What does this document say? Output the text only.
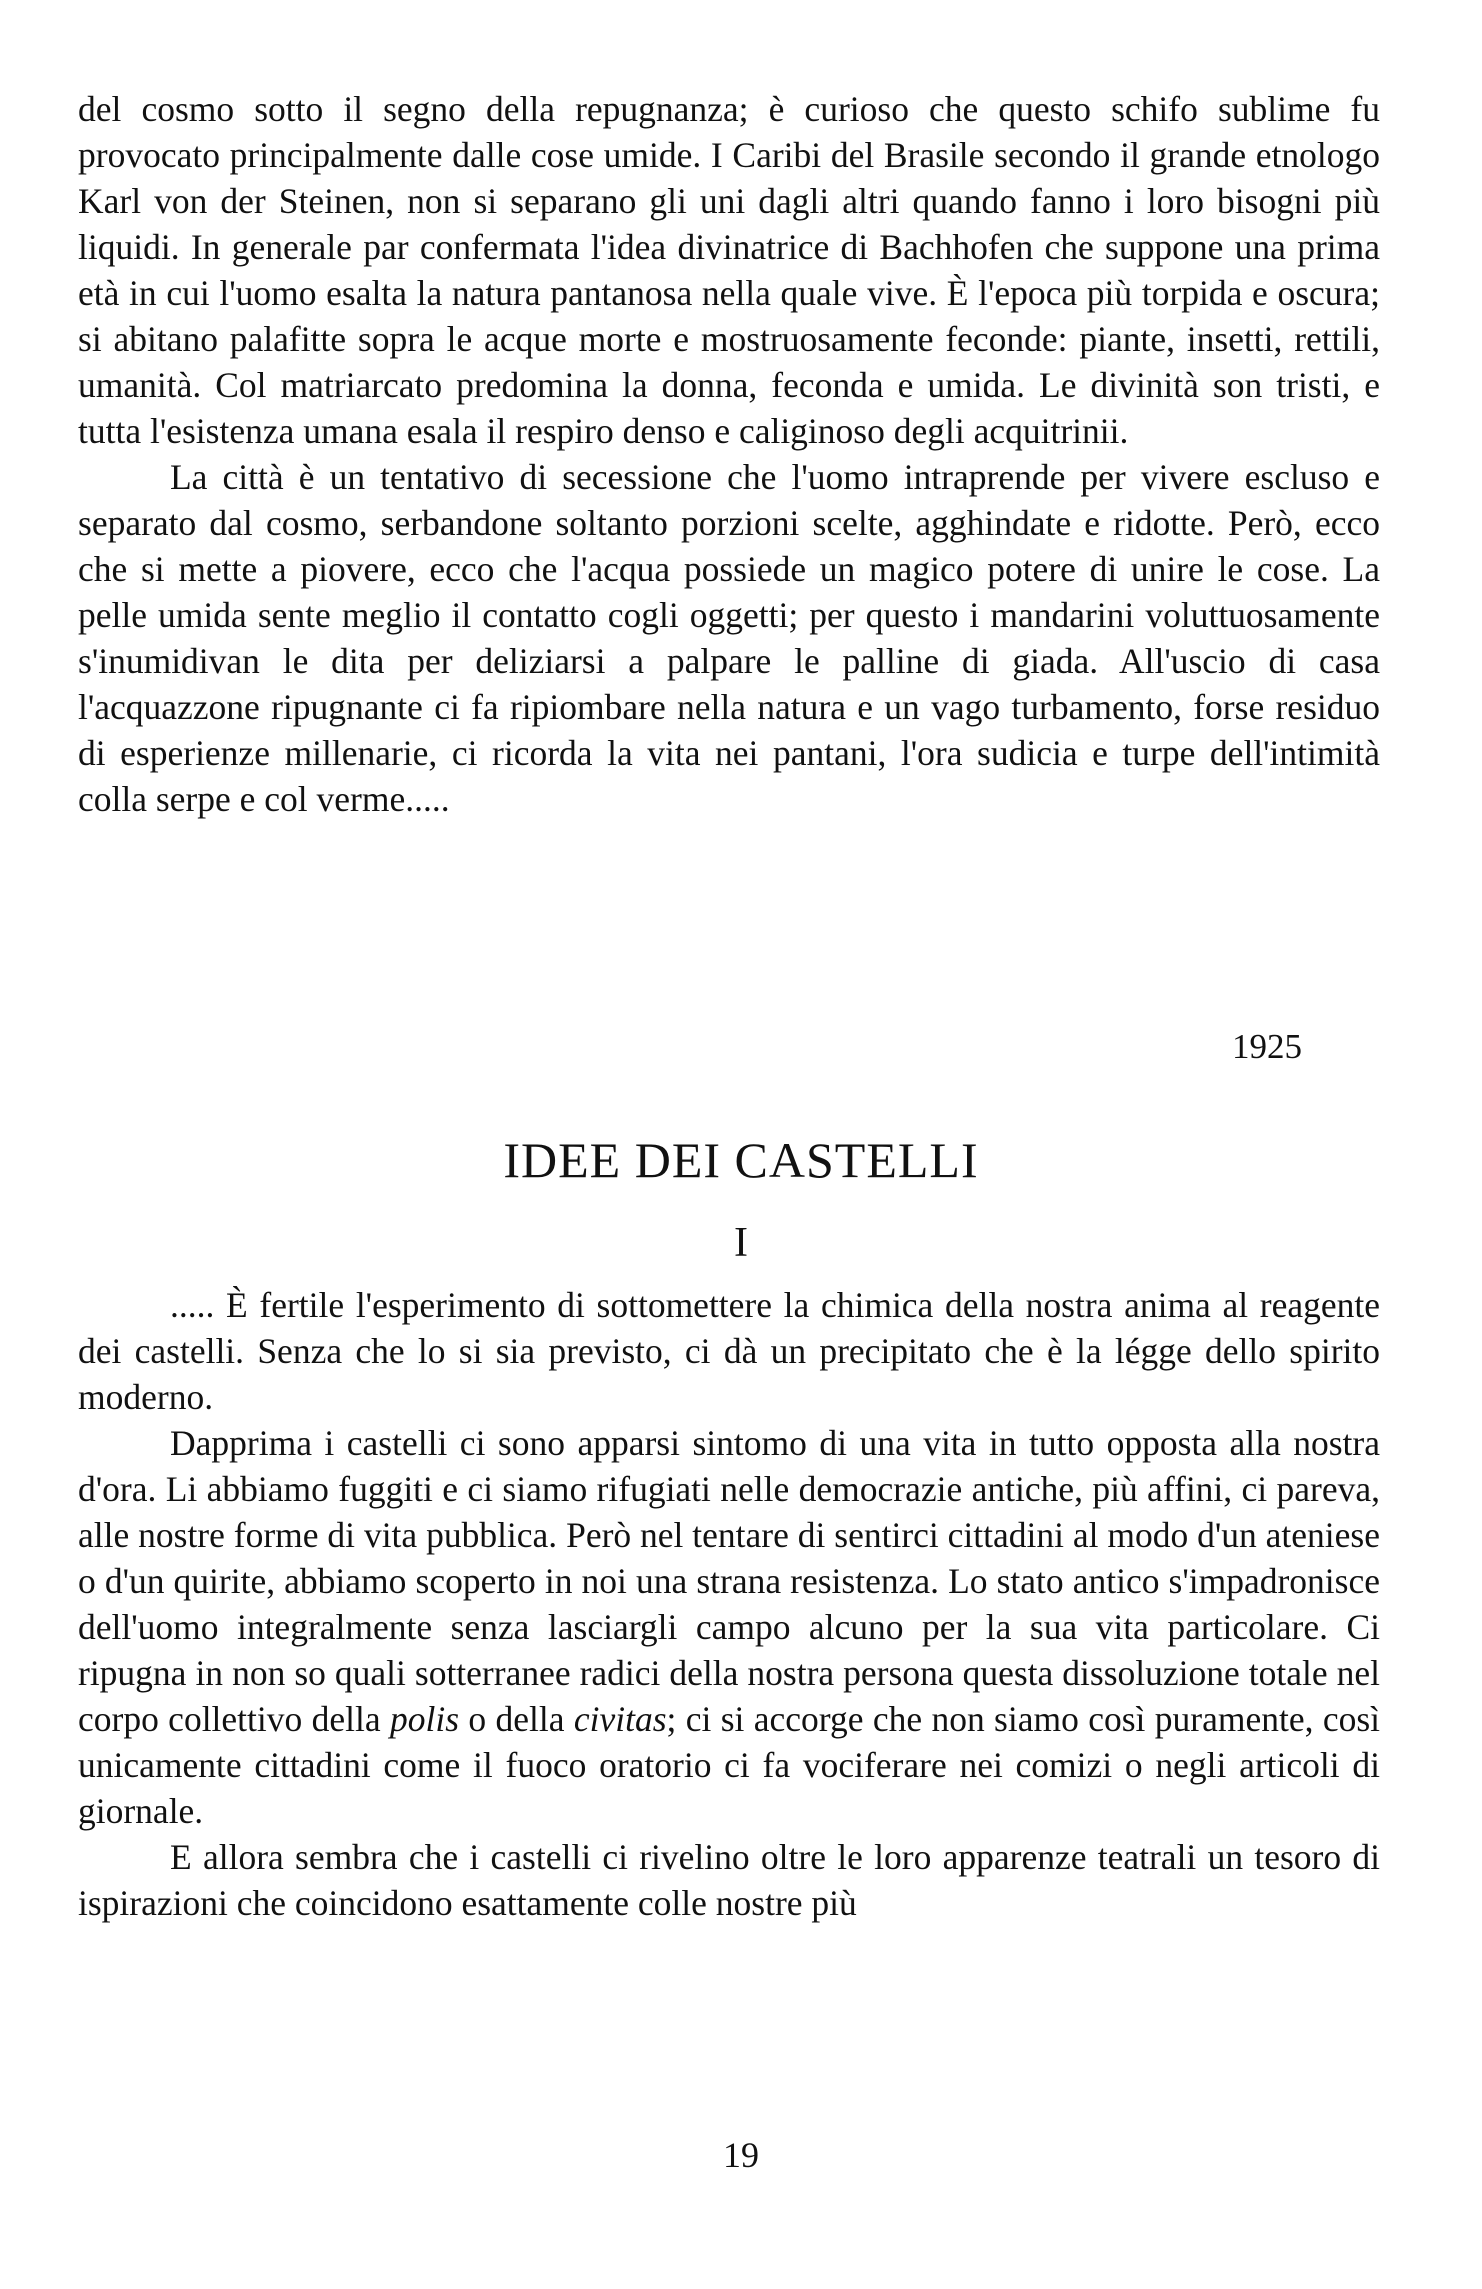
del cosmo sotto il segno della repugnanza; è curioso che questo schifo sublime fu provocato principalmente dalle cose umide. I Caribi del Brasile secondo il grande etnologo Karl von der Steinen, non si separano gli uni dagli altri quando fanno i loro bisogni più liquidi. In generale par confermata l'idea divinatrice di Bachhofen che suppone una prima età in cui l'uomo esalta la natura pantanosa nella quale vive. È l'epoca più torpida e oscura; si abitano palafitte sopra le acque morte e mostruosamente feconde: piante, insetti, rettili, umanità. Col matriarcato predomina la donna, feconda e umida. Le divinità son tristi, e tutta l'esistenza umana esala il respiro denso e caliginoso degli acquitrinii.

La città è un tentativo di secessione che l'uomo intraprende per vivere escluso e separato dal cosmo, serbandone soltanto porzioni scelte, agghindate e ridotte. Però, ecco che si mette a piovere, ecco che l'acqua possiede un magico potere di unire le cose. La pelle umida sente meglio il contatto cogli oggetti; per questo i mandarini voluttuosamente s'inumidivan le dita per deliziarsi a palpare le palline di giada. All'uscio di casa l'acquazzone ripugnante ci fa ripiombare nella natura e un vago turbamento, forse residuo di esperienze millenarie, ci ricorda la vita nei pantani, l'ora sudicia e turpe dell'intimità colla serpe e col verme.....

1925
IDEE DEI CASTELLI
I

..... È fertile l'esperimento di sottomettere la chimica della nostra anima al reagente dei castelli. Senza che lo si sia previsto, ci dà un precipitato che è la légge dello spirito moderno.

Dapprima i castelli ci sono apparsi sintomo di una vita in tutto opposta alla nostra d'ora. Li abbiamo fuggiti e ci siamo rifugiati nelle democrazie antiche, più affini, ci pareva, alle nostre forme di vita pubblica. Però nel tentare di sentirci cittadini al modo d'un ateniese o d'un quirite, abbiamo scoperto in noi una strana resistenza. Lo stato antico s'impadronisce dell'uomo integralmente senza lasciargli campo alcuno per la sua vita particolare. Ci ripugna in non so quali sotterranee radici della nostra persona questa dissoluzione totale nel corpo collettivo della polis o della civitas; ci si accorge che non siamo così puramente, così unicamente cittadini come il fuoco oratorio ci fa vociferare nei comizi o negli articoli di giornale.

E allora sembra che i castelli ci rivelino oltre le loro apparenze teatrali un tesoro di ispirazioni che coincidono esattamente colle nostre più

19
